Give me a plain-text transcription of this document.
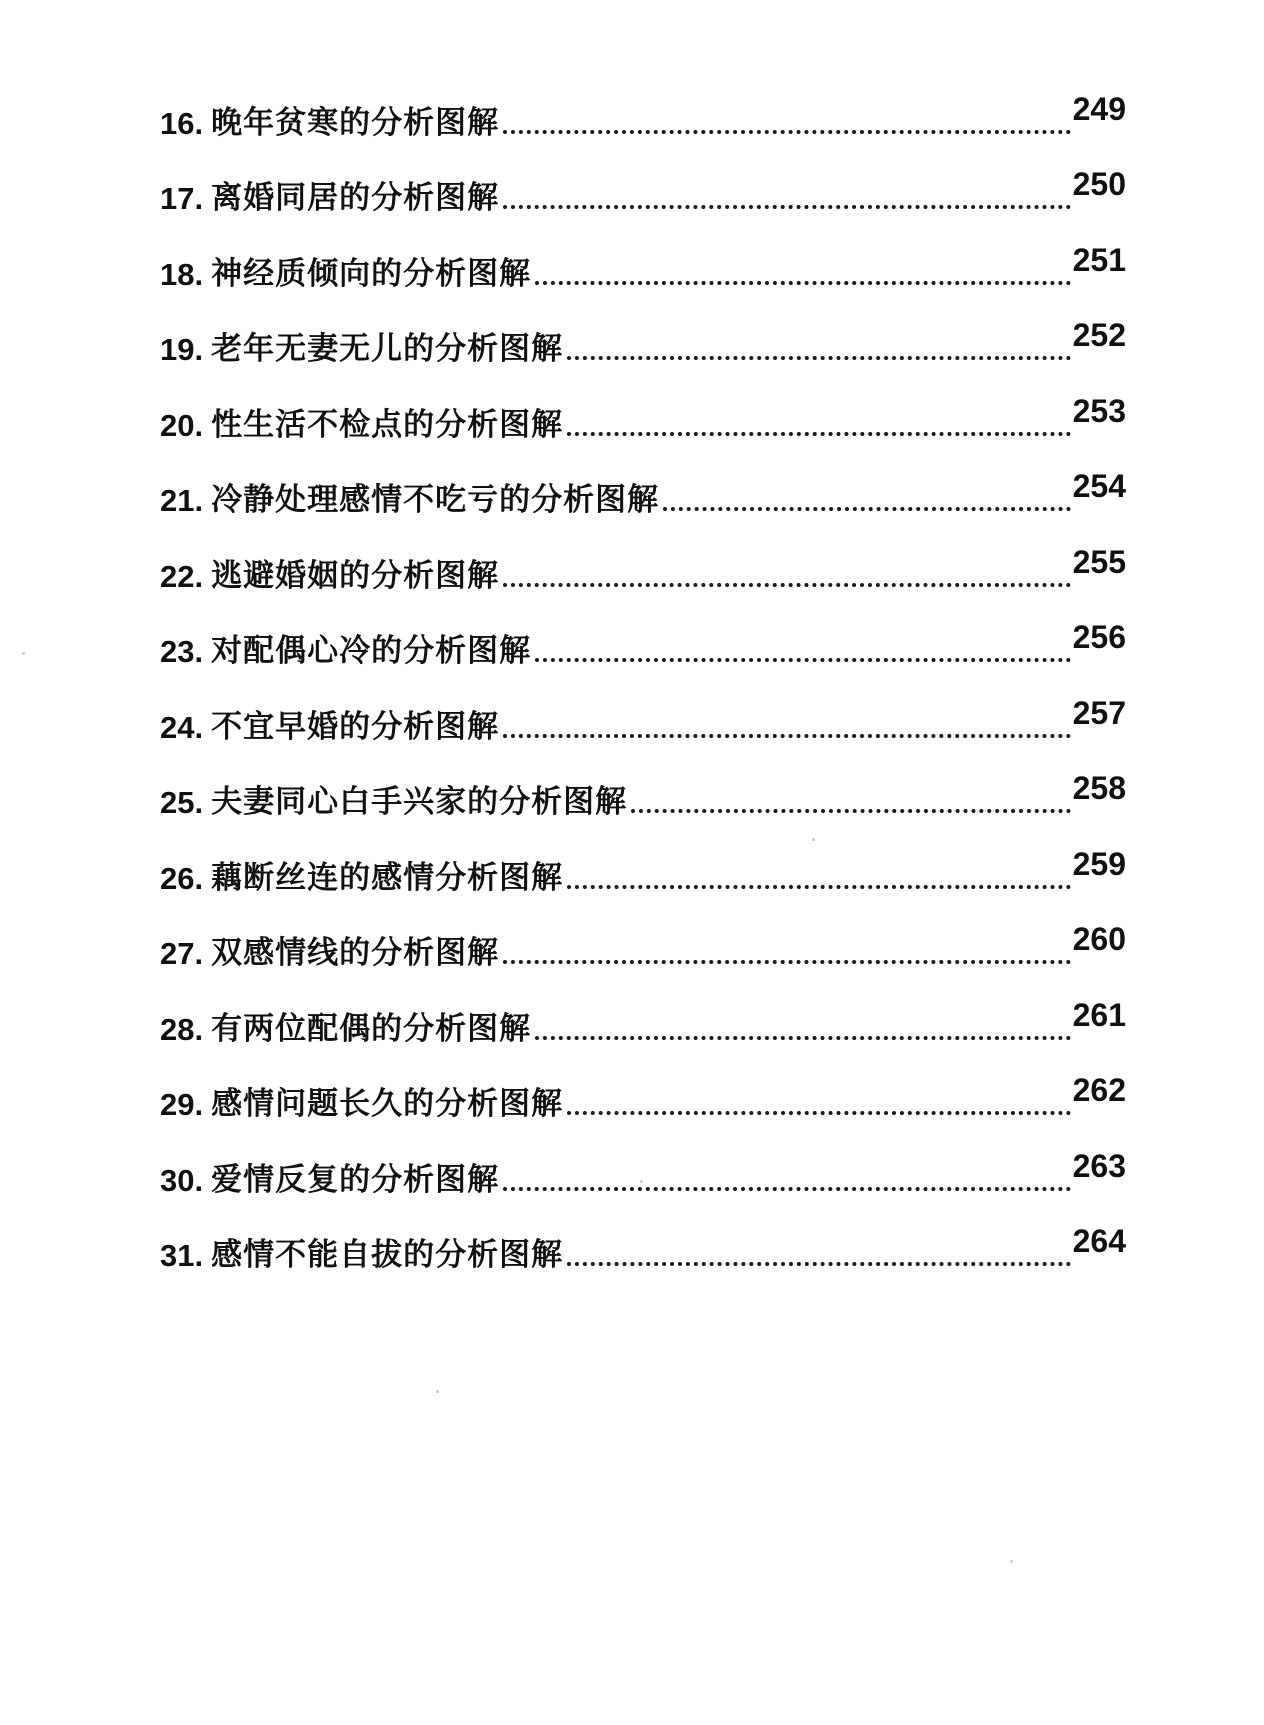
16. 晚年贫寒的分析图解	249
17. 离婚同居的分析图解	250
18. 神经质倾向的分析图解	251
19. 老年无妻无儿的分析图解	252
20. 性生活不检点的分析图解	253
21. 冷静处理感情不吃亏的分析图解	254
22. 逃避婚姻的分析图解	255
23. 对配偶心冷的分析图解	256
24. 不宜早婚的分析图解	257
25. 夫妻同心白手兴家的分析图解	258
26. 藕断丝连的感情分析图解	259
27. 双感情线的分析图解	260
28. 有两位配偶的分析图解	261
29. 感情问题长久的分析图解	262
30. 爱情反复的分析图解	263
31. 感情不能自拔的分析图解	264
